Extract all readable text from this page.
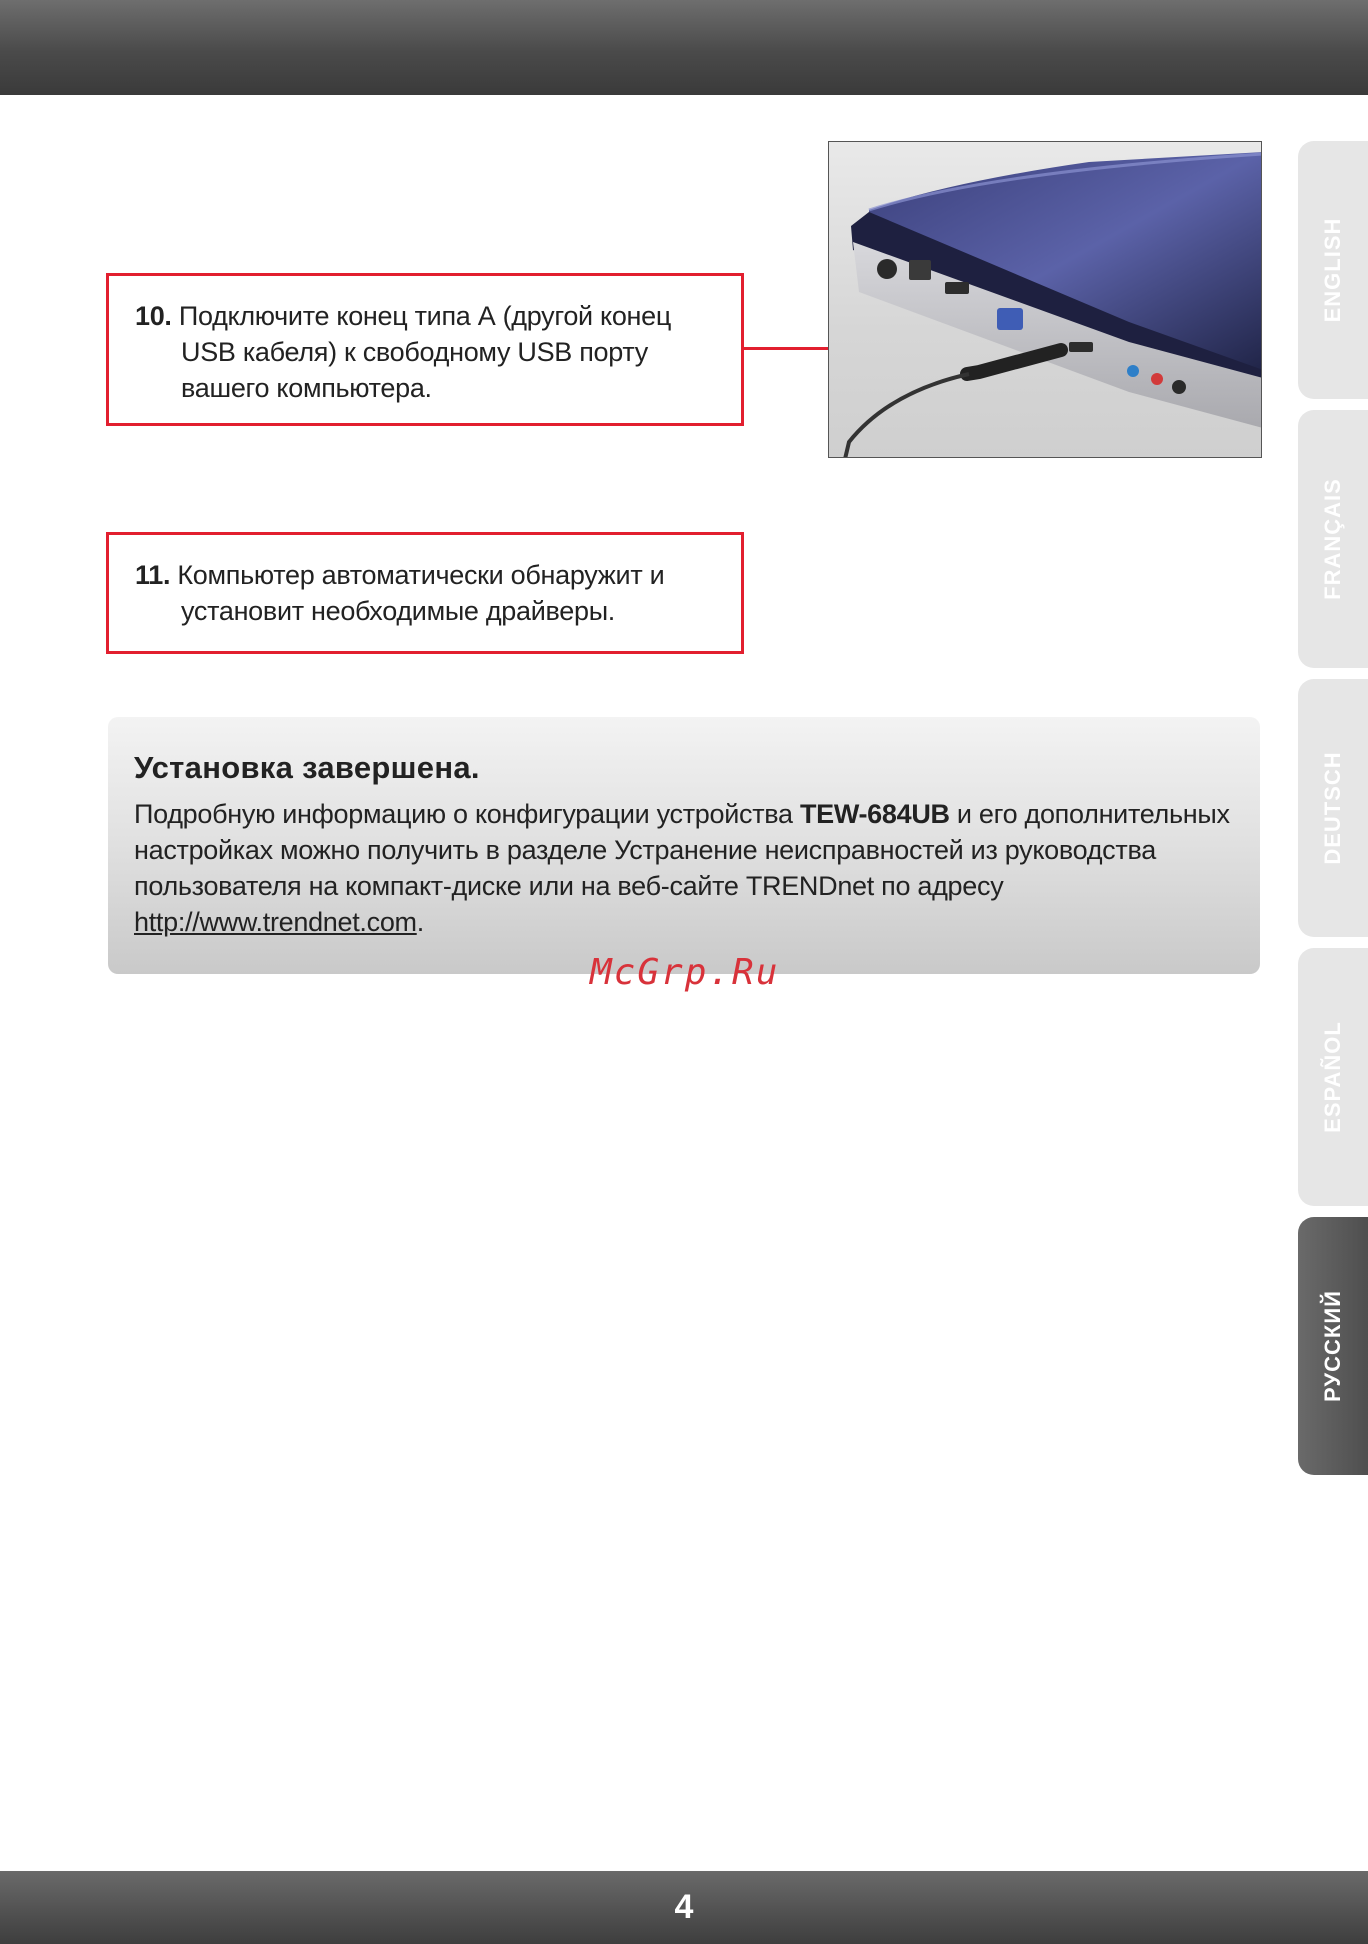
10. Подключите конец типа А (другой конец USB кабеля) к свободному USB порту вашего компьютера.

11. Компьютер автоматически обнаружит и установит необходимые драйверы.

Установка завершена.

Подробную информацию о конфигурации устройства TEW-684UB и его дополнительных настройках можно получить в разделе Устранение неисправностей из руководства пользователя на компакт-диске или на веб-сайте TRENDnet по адресу http://www.trendnet.com.

McGrp.Ru
ENGLISH
FRANÇAIS
DEUTSCH
ESPAÑOL
РУССКИЙ
4
